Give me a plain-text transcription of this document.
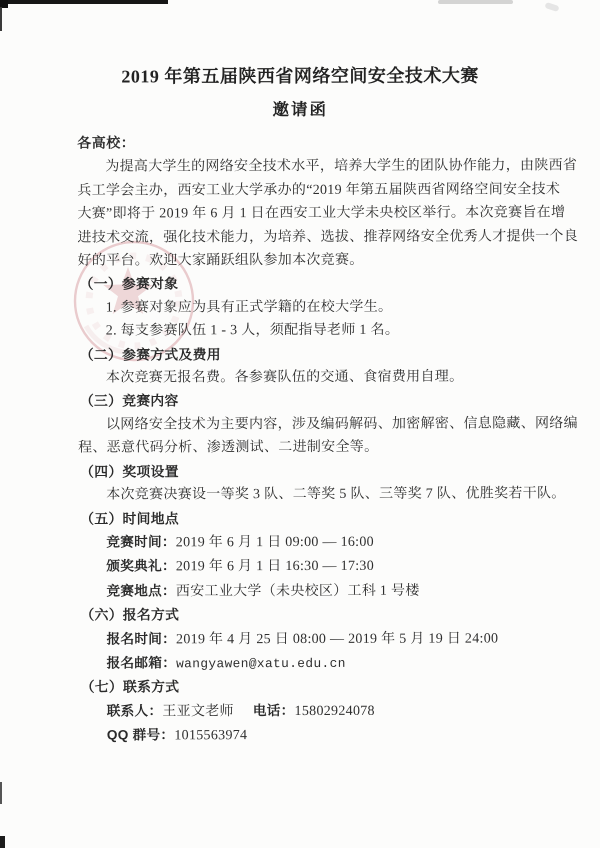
2019 年第五届陕西省网络空间安全技术大赛
邀请函

各高校：

为提高大学生的网络安全技术水平，培养大学生的团队协作能力，由陕西省

兵工学会主办，西安工业大学承办的“2019 年第五届陕西省网络空间安全技术

大赛”即将于 2019 年 6 月 1 日在西安工业大学未央校区举行。本次竞赛旨在增

进技术交流，强化技术能力，为培养、选拔、推荐网络安全优秀人才提供一个良

好的平台。欢迎大家踊跃组队参加本次竞赛。

（一）参赛对象

1. 参赛对象应为具有正式学籍的在校大学生。

2. 每支参赛队伍 1 - 3 人，须配指导老师 1 名。

（二）参赛方式及费用

本次竞赛无报名费。各参赛队伍的交通、食宿费用自理。

（三）竞赛内容

以网络安全技术为主要内容，涉及编码解码、加密解密、信息隐藏、网络编

程、恶意代码分析、渗透测试、二进制安全等。

（四）奖项设置

本次竞赛决赛设一等奖 3 队、二等奖 5 队、三等奖 7 队、优胜奖若干队。

（五）时间地点

竞赛时间：2019 年 6 月 1 日 09:00 — 16:00

颁奖典礼：2019 年 6 月 1 日 16:30 — 17:30

竞赛地点：西安工业大学（未央校区）工科 1 号楼

（六）报名方式

报名时间：2019 年 4 月 25 日 08:00 — 2019 年 5 月 19 日 24:00

报名邮箱：wangyawen@xatu.edu.cn

（七）联系方式

联系人：王亚文老师 电话：15802924078

QQ 群号：1015563974
